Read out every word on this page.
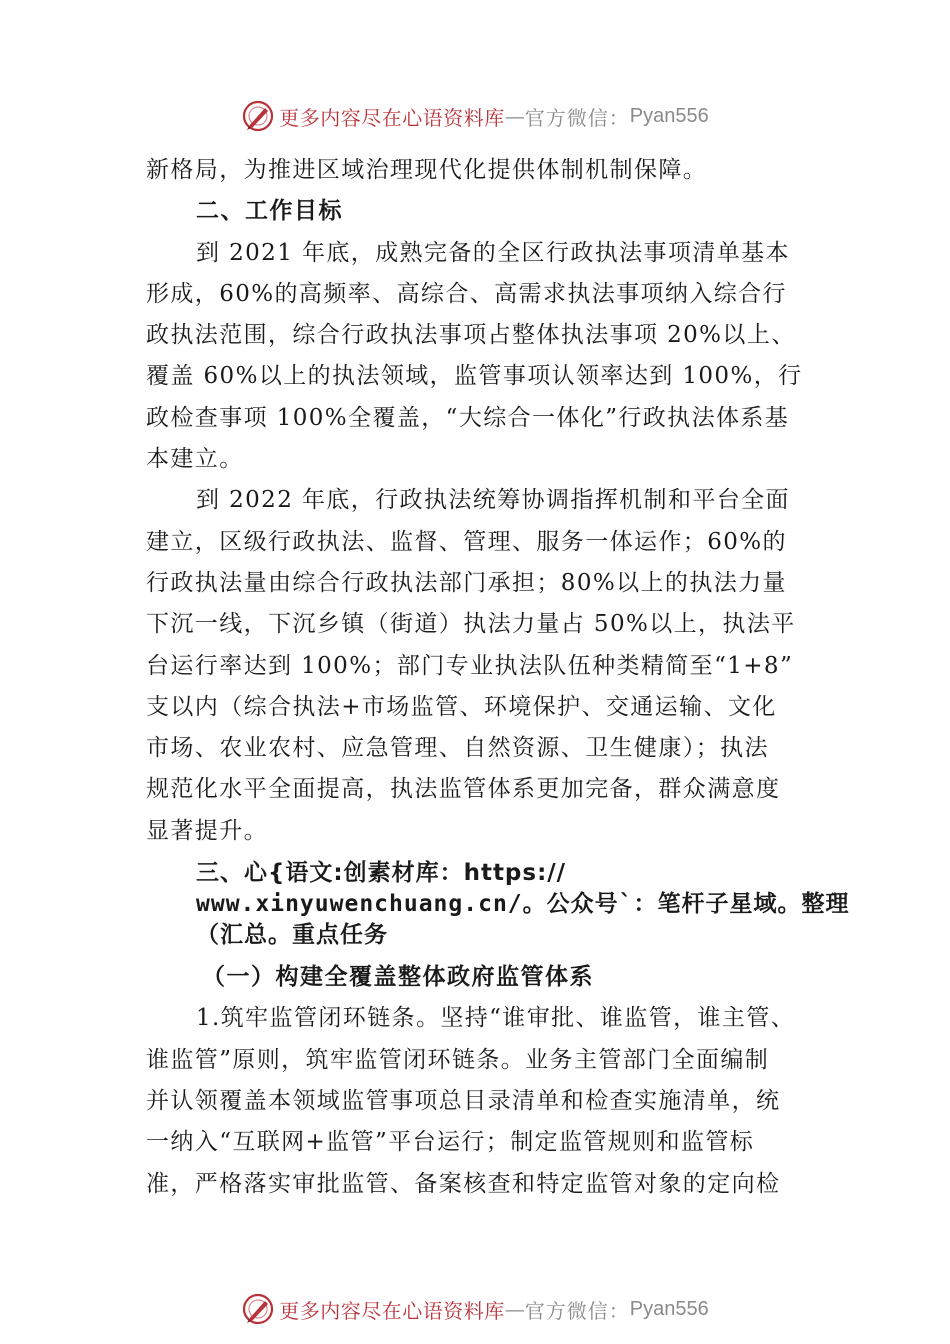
更多内容尽在心语资料库 — 官方微信： Pyan556

新格局，为推进区域治理现代化提供体制机制保障。

二、工作目标

到 2021 年底，成熟完备的全区行政执法事项清单基本
形成，60%的高频率、高综合、高需求执法事项纳入综合行
政执法范围，综合行政执法事项占整体执法事项 20%以上、
覆盖 60%以上的执法领域，监管事项认领率达到 100%，行
政检查事项 100%全覆盖，“大综合一体化”行政执法体系基
本建立。

到 2022 年底，行政执法统筹协调指挥机制和平台全面
建立，区级行政执法、监督、管理、服务一体运作；60%的
行政执法量由综合行政执法部门承担；80%以上的执法力量
下沉一线，下沉乡镇（街道）执法力量占 50%以上，执法平
台运行率达到 100%；部门专业执法队伍种类精简至“1+8”
支以内（综合执法+市场监管、环境保护、交通运输、文化
市场、农业农村、应急管理、自然资源、卫生健康）；执法
规范化水平全面提高，执法监管体系更加完备，群众满意度
显著提升。

三、心{语文:创素材库：https://
www.xinyuwenchuang.cn/。公众号`：笔杆子星域。整理
（汇总。重点任务

（一）构建全覆盖整体政府监管体系

1.筑牢监管闭环链条。坚持“谁审批、谁监管，谁主管、
谁监管”原则，筑牢监管闭环链条。业务主管部门全面编制
并认领覆盖本领域监管事项总目录清单和检查实施清单，统
一纳入“互联网+监管”平台运行；制定监管规则和监管标
准，严格落实审批监管、备案核查和特定监管对象的定向检

更多内容尽在心语资料库 — 官方微信： Pyan556
